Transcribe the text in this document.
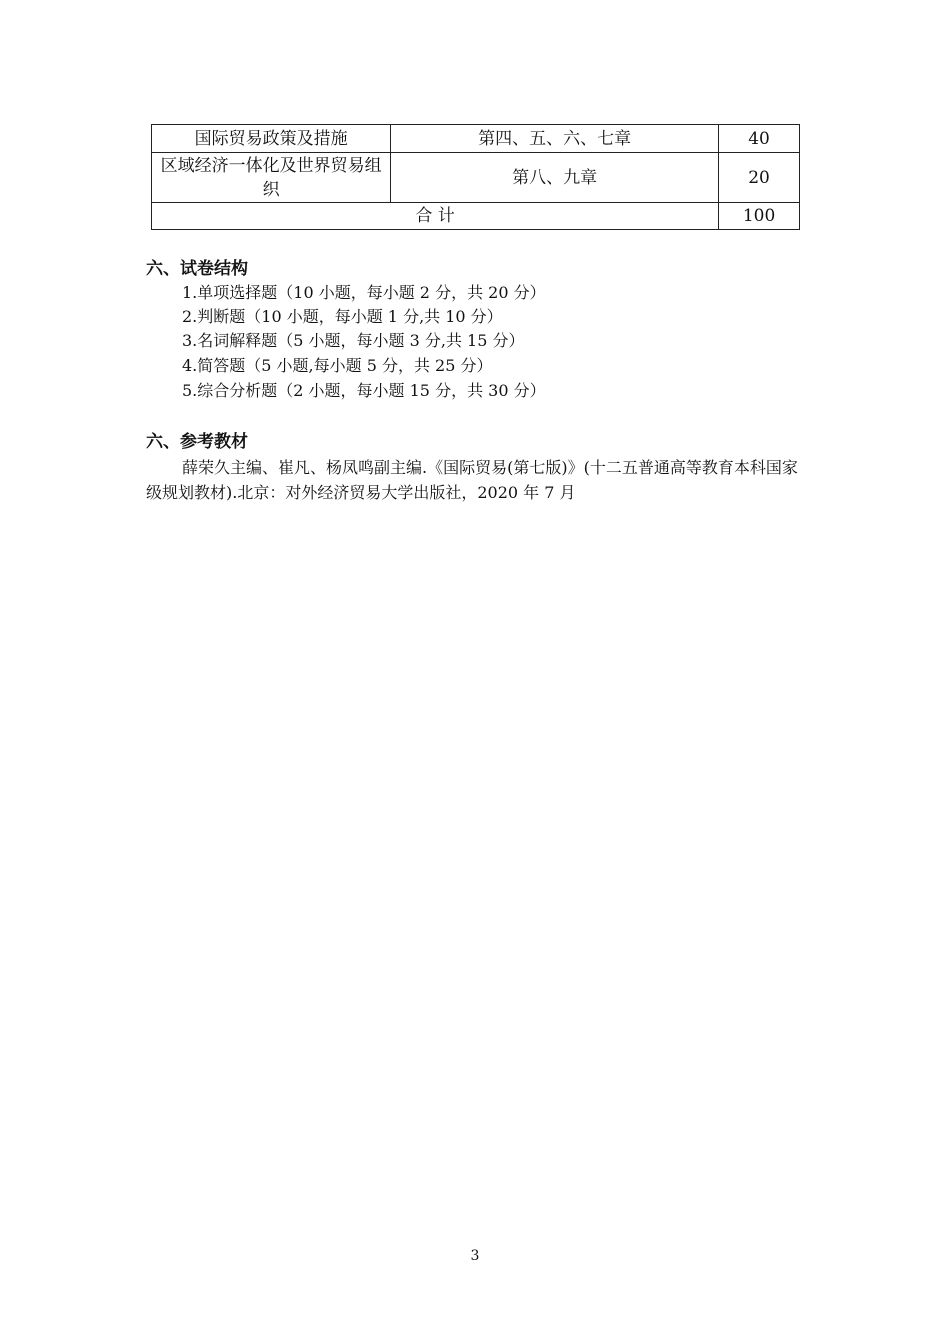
国际贸易政策及措施	第四、五、六、七章	40
区域经济一体化及世界贸易组织	第八、九章	20
合 计		100
六、试卷结构
1.单项选择题（10 小题，每小题 2 分，共 20 分）
2.判断题（10 小题，每小题 1 分,共 10 分）
3.名词解释题（5 小题，每小题 3 分,共 15 分）
4.简答题（5 小题,每小题 5 分，共 25 分）
5.综合分析题（2 小题，每小题 15 分，共 30 分）
六、参考教材
薛荣久主编、崔凡、杨凤鸣副主编.《国际贸易(第七版)》(十二五普通高等教育本科国家级规划教材).北京：对外经济贸易大学出版社，2020 年 7 月
3
